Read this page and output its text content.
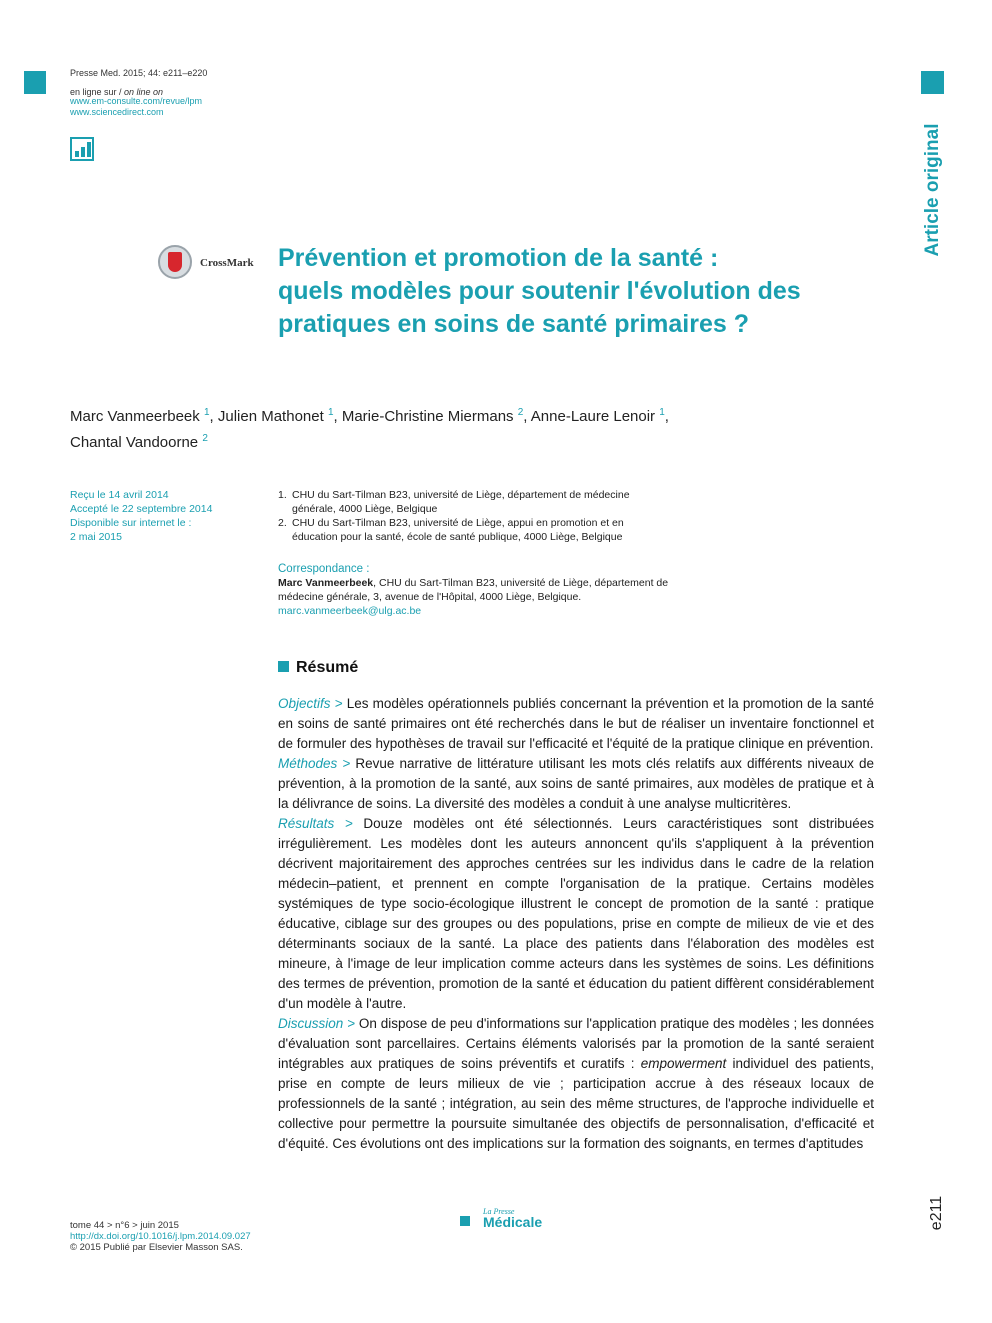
Presse Med. 2015; 44: e211–e220
en ligne sur / on line on
www.em-consulte.com/revue/lpm
www.sciencedirect.com
Article original
CrossMark Prévention et promotion de la santé :
quels modèles pour soutenir l'évolution des
pratiques en soins de santé primaires ?
Marc Vanmeerbeek $^1$, Julien Mathonet $^1$, Marie-Christine Miermans $^2$, Anne-Laure Lenoir $^1$,
Chantal Vandoorne $^2$
Reçu le 14 avril 2014
Accepté le 22 septembre 2014
Disponible sur internet le :
2 mai 2015
1. CHU du Sart-Tilman B23, université de Liège, département de médecine
générale, 4000 Liège, Belgique
2. CHU du Sart-Tilman B23, université de Liège, appui en promotion et en
éducation pour la santé, école de santé publique, 4000 Liège, Belgique
Correspondance :
Marc Vanmeerbeek, CHU du Sart-Tilman B23, université de Liège, département de
médecine générale, 3, avenue de l'Hôpital, 4000 Liège, Belgique.
marc.vanmeerbeek@ulg.ac.be
Résumé

Objectifs > Les modèles opérationnels publiés concernant la prévention et la promotion de la santé en soins de santé primaires ont été recherchés dans le but de réaliser un inventaire fonctionnel et de formuler des hypothèses de travail sur l'efficacité et l'équité de la pratique clinique en prévention.

Méthodes > Revue narrative de littérature utilisant les mots clés relatifs aux différents niveaux de prévention, à la promotion de la santé, aux soins de santé primaires, aux modèles de pratique et à la délivrance de soins. La diversité des modèles a conduit à une analyse multicritères.

Résultats > Douze modèles ont été sélectionnés. Leurs caractéristiques sont distribuées irrégulièrement. Les modèles dont les auteurs annoncent qu'ils s'appliquent à la prévention décrivent majoritairement des approches centrées sur les individus dans le cadre de la relation médecin–patient, et prennent en compte l'organisation de la pratique. Certains modèles systémiques de type socio-écologique illustrent le concept de promotion de la santé : pratique éducative, ciblage sur des groupes ou des populations, prise en compte de milieux de vie et des déterminants sociaux de la santé. La place des patients dans l'élaboration des modèles est mineure, à l'image de leur implication comme acteurs dans les systèmes de soins. Les définitions des termes de prévention, promotion de la santé et éducation du patient diffèrent considérablement d'un modèle à l'autre.

Discussion > On dispose de peu d'informations sur l'application pratique des modèles ; les données d'évaluation sont parcellaires. Certains éléments valorisés par la promotion de la santé seraient intégrables aux pratiques de soins préventifs et curatifs : empowerment individuel des patients, prise en compte de leurs milieux de vie ; participation accrue à des réseaux locaux de professionnels de la santé ; intégration, au sein des même structures, de l'approche individuelle et collective pour permettre la poursuite simultanée des objectifs de personnalisation, d'efficacité et d'équité. Ces évolutions ont des implications sur la formation des soignants, en termes d'aptitudes

tome 44 > n°6 > juin 2015
http://dx.doi.org/10.1016/j.lpm.2014.09.027
© 2015 Publié par Elsevier Masson SAS.
La Presse
Médicale	e211
